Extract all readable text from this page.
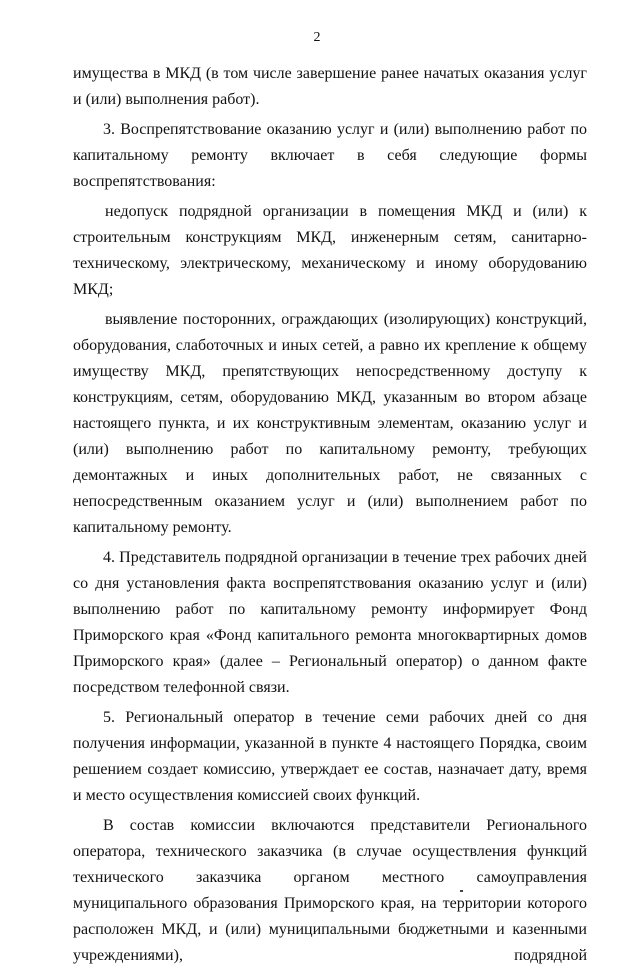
2

имущества в МКД (в том числе завершение ранее начатых оказания услуг и (или) выполнения работ).

3. Воспрепятствование оказанию услуг и (или) выполнению работ по капитальному ремонту включает в себя следующие формы воспрепятствования:

недопуск подрядной организации в помещения МКД и (или) к строительным конструкциям МКД, инженерным сетям, санитарно-техническому, электрическому, механическому и иному оборудованию МКД;

выявление посторонних, ограждающих (изолирующих) конструкций, оборудования, слаботочных и иных сетей, а равно их крепление к общему имуществу МКД, препятствующих непосредственному доступу к конструкциям, сетям, оборудованию МКД, указанным во втором абзаце настоящего пункта, и их конструктивным элементам, оказанию услуг и (или) выполнению работ по капитальному ремонту, требующих демонтажных и иных дополнительных работ, не связанных с непосредственным оказанием услуг и (или) выполнением работ по капитальному ремонту.

4. Представитель подрядной организации в течение трех рабочих дней со дня установления факта воспрепятствования оказанию услуг и (или) выполнению работ по капитальному ремонту информирует Фонд Приморского края «Фонд капитального ремонта многоквартирных домов Приморского края» (далее – Региональный оператор) о данном факте посредством телефонной связи.

5. Региональный оператор в течение семи рабочих дней со дня получения информации, указанной в пункте 4 настоящего Порядка, своим решением создает комиссию, утверждает ее состав, назначает дату, время и место осуществления комиссией своих функций.

В состав комиссии включаются представители Регионального оператора, технического заказчика (в случае осуществления функций технического заказчика органом местного самоуправления муниципального образования Приморского края, на территории которого расположен МКД, и (или) муниципальными бюджетными и казенными учреждениями), подрядной
